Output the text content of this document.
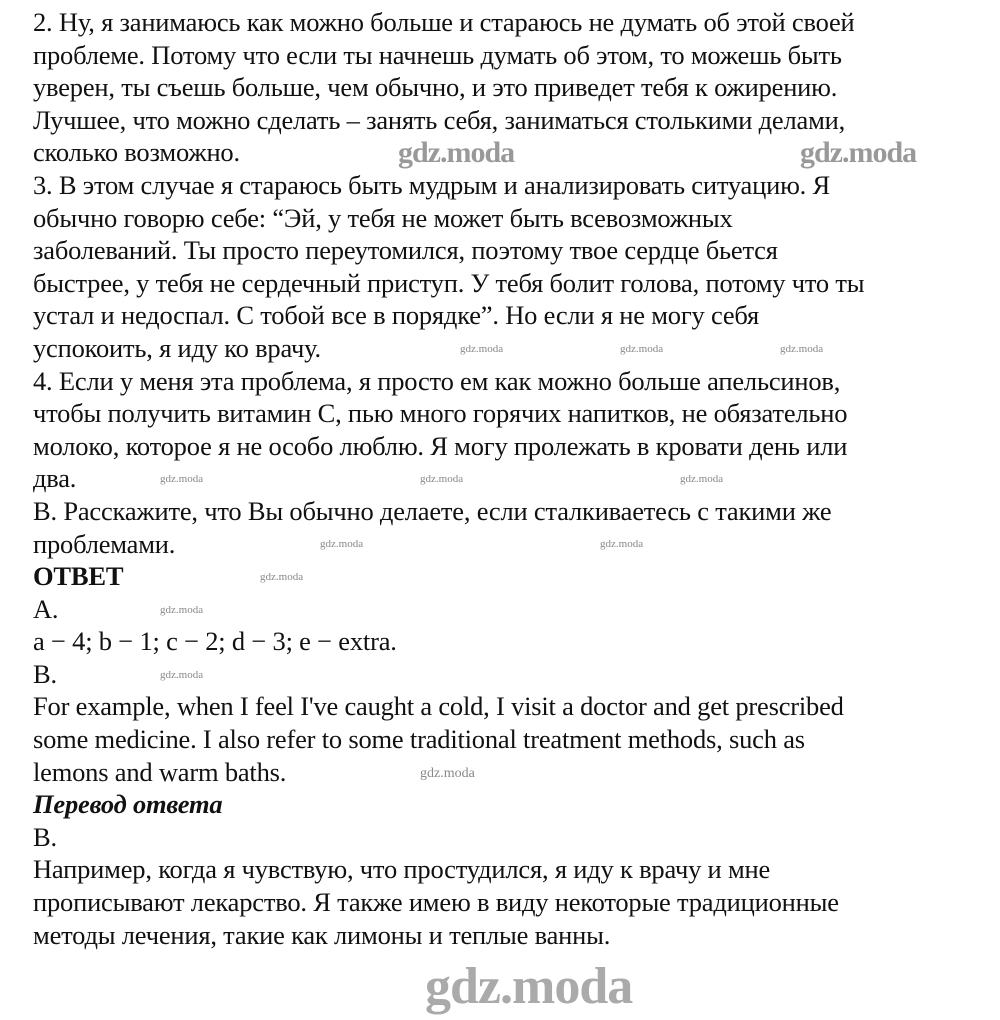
2. Ну, я занимаюсь как можно больше и стараюсь не думать об этой своей
проблеме. Потому что если ты начнешь думать об этом, то можешь быть
уверен, ты съешь больше, чем обычно, и это приведет тебя к ожирению.
Лучшее, что можно сделать – занять себя, заниматься столькими делами,
сколько возможно.
3. В этом случае я стараюсь быть мудрым и анализировать ситуацию. Я
обычно говорю себе: “Эй, у тебя не может быть всевозможных
заболеваний. Ты просто переутомился, поэтому твое сердце бьется
быстрее, у тебя не сердечный приступ. У тебя болит голова, потому что ты
устал и недоспал. С тобой все в порядке”. Но если я не могу себя
успокоить, я иду ко врачу.
4. Если у меня эта проблема, я просто ем как можно больше апельсинов,
чтобы получить витамин C, пью много горячих напитков, не обязательно
молоко, которое я не особо люблю. Я могу пролежать в кровати день или
два.
B. Расскажите, что Вы обычно делаете, если сталкиваетесь с такими же
проблемами.
ОТВЕТ
A.
a − 4; b − 1; c − 2; d − 3; e − extra.
B.
For example, when I feel I've caught a cold, I visit a doctor and get prescribed
some medicine. I also refer to some traditional treatment methods, such as
lemons and warm baths.
Перевод ответа
B.
Например, когда я чувствую, что простудился, я иду к врачу и мне
прописывают лекарство. Я также имею в виду некоторые традиционные
методы лечения, такие как лимоны и теплые ванны.
gdz.moda	gdz.moda
gdz.moda	gdz.moda	gdz.moda
gdz.moda	gdz.moda	gdz.moda
gdz.moda	gdz.moda
gdz.moda
gdz.moda
gdz.moda
gdz.moda
gdz.moda
